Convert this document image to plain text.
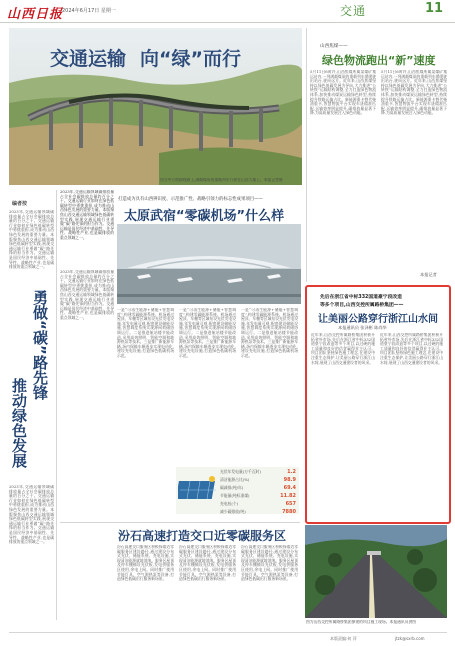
山西日报
2024年6月17日 星期一	交通	11
交通运输 向“绿”而行
图为中方铁路线路上,满载煤炭的重载列车行驶在山西大地上。本报记者摄
山西焦煤——
绿色物流跑出“新”速度
5月11日6时许,山西焦煤所属某煤矿集运站内,一列满载煤炭的重载列车缓缓驶出站台,驶向远方。近年来,山西焦煤坚持以绿色低碳发展为导向,大力推进“公转铁”运输结构调整,全力打造绿色物流体系,加快推动煤炭运输绿色转型,持续提升铁路运输占比。新能源重卡替代柴油重卡,智慧物流平台实现车货精准匹配,运输效率明显提升,碳排放量显著下降,为高质量发展注入绿色动能。
5月11日6时许,山西焦煤所属某煤矿集运站内,一列满载煤炭的重载列车缓缓驶出站台,驶向远方。近年来,山西焦煤坚持以绿色低碳发展为导向,大力推进“公转铁”运输结构调整,全力打造绿色物流体系,加快推动煤炭运输绿色转型,持续提升铁路运输占比。新能源重卡替代柴油重卡,智慧物流平台实现车货精准匹配,运输效率明显提升,碳排放量显著下降,为高质量发展注入绿色动能。
本报记者
编者按
2023年,交通运输领域碳排放量占全社会碳排放总量约百分之十。交通运输行业如何在绿色低碳转型中勇挑重担,成为推动山西绿色发展的重要力量。本版聚焦山西交通运输领域绿色低碳转型实践,展现交通运输行业勇做“碳”路先锋的担当作为。交通运输是国民经济中基础性、先导性、战略性产业,也是碳排放的重点领域之一。
2023年,交通运输领域碳排放量占全社会碳排放总量约百分之十。交通运输行业如何在绿色低碳转型中勇挑重担,成为推动山西绿色发展的重要力量。本版聚焦山西交通运输领域绿色低碳转型实践,展现交通运输行业勇做“碳”路先锋的担当作为。交通运输是国民经济中基础性、先导性、战略性产业,也是碳排放的重点领域之一。
勇做“碳”路先锋
推动绿色发展
2023年,交通运输领域碳排放量占全社会碳排放总量约百分之十。交通运输行业如何在绿色低碳转型中勇挑重担,成为推动山西绿色发展的重要力量。本版聚焦山西交通运输领域绿色低碳转型实践,展现交通运输行业勇做“碳”路先锋的担当作为。交通运输是国民经济中基础性、先导性、战略性产业,也是碳排放的重点领域之一。
2023年,交通运输领域碳排放量占全社会碳排放总量约百分之十。交通运输行业如何在绿色低碳转型中勇挑重担,成为推动山西绿色发展的重要力量。本版聚焦山西交通运输领域绿色低碳转型实践,展现交通运输行业勇做“碳”路先锋的担当作为。交通运输是国民经济中基础性、先导性、战略性产业,也是碳排放的重点领域之一。
打造成为具有山西辨识度、示范推广性、战略引领力的标志性成果项目——
太原武宿“零碳机场”什么样
一是“可再生能源+储能+智慧调度”,构建零碳能源系统。机场通过屋顶、车棚等区域布设光伏发电设施,年发电量可观,配套建设储能设施,智慧调度系统实现源网荷储协调运行。二是推进航站楼节能改造,采用高效照明、智能空调和地源热泵等技术。三是推广新能源车辆,场内保障车辆逐步实现电动化,建设充电设施,打造绿色低碳机场示范。
一是“可再生能源+储能+智慧调度”,构建零碳能源系统。机场通过屋顶、车棚等区域布设光伏发电设施,年发电量可观,配套建设储能设施,智慧调度系统实现源网荷储协调运行。二是推进航站楼节能改造,采用高效照明、智能空调和地源热泵等技术。三是推广新能源车辆,场内保障车辆逐步实现电动化,建设充电设施,打造绿色低碳机场示范。
一是“可再生能源+储能+智慧调度”,构建零碳能源系统。机场通过屋顶、车棚等区域布设光伏发电设施,年发电量可观,配套建设储能设施,智慧调度系统实现源网荷储协调运行。二是推进航站楼节能改造,采用高效照明、智能空调和地源热泵等技术。三是推广新能源车辆,场内保障车辆逐步实现电动化,建设充电设施,打造绿色低碳机场示范。
光伏年发电量(万千瓦时)	1.2
清洁能源占比(%)	98.9
碳减排(吨/年)	69.4
节能量(吨标准煤)	11.82
充电桩(个)	657
减少碳排放(吨)	7880
汾石高速打造交口近零碳服务区
汾石高速交口服务区积极探索近零碳服务区建设路径,通过建设分布式光伏、储能系统、充电设施,实现清洁能源就地消纳。服务区屋顶及停车棚铺设光伏板,发电供服务区使用,余电上网。同时推广使用节能灯具、空气源热泵等设备,打造绿色低碳出行服务新场景。
汾石高速交口服务区积极探索近零碳服务区建设路径,通过建设分布式光伏、储能系统、充电设施,实现清洁能源就地消纳。服务区屋顶及停车棚铺设光伏板,发电供服务区使用,余电上网。同时推广使用节能灯具、空气源热泵等设备,打造绿色低碳出行服务新场景。
汾石高速交口服务区积极探索近零碳服务区建设路径,通过建设分布式光伏、储能系统、充电设施,实现清洁能源就地消纳。服务区屋顶及停车棚铺设光伏板,发电供服务区使用,余电上网。同时推广使用节能灯具、空气源热泵等设备,打造绿色低碳出行服务新场景。
先后在浙江省中标332国道豪宁段改造
等多个项目,山西交控所属路桥集团——
让美丽公路穿行浙江山水间
本报通讯员 张泽彬 陈尚华
近年来,山西交控所属路桥集团积极开拓省外市场,先后在浙江省中标332国道豪宁段改造等多个项目,以过硬的施工质量和良好的信誉赢得业主认可。项目团队坚持绿色施工理念,在建设中注重生态保护,让美丽公路穿行浙江山水间,展现了山西交通建设者的风采。
近年来,山西交控所属路桥集团积极开拓省外市场,先后在浙江省中标332国道豪宁段改造等多个项目,以过硬的施工质量和良好的信誉赢得业主认可。项目团队坚持绿色施工理念,在建设中注重生态保护,让美丽公路穿行浙江山水间,展现了山西交通建设者的风采。
图为山西交控所属路桥集团参建的项目施工现场。本报通讯员供图
本版责编:何 萍	jtzk@sxrb.com
